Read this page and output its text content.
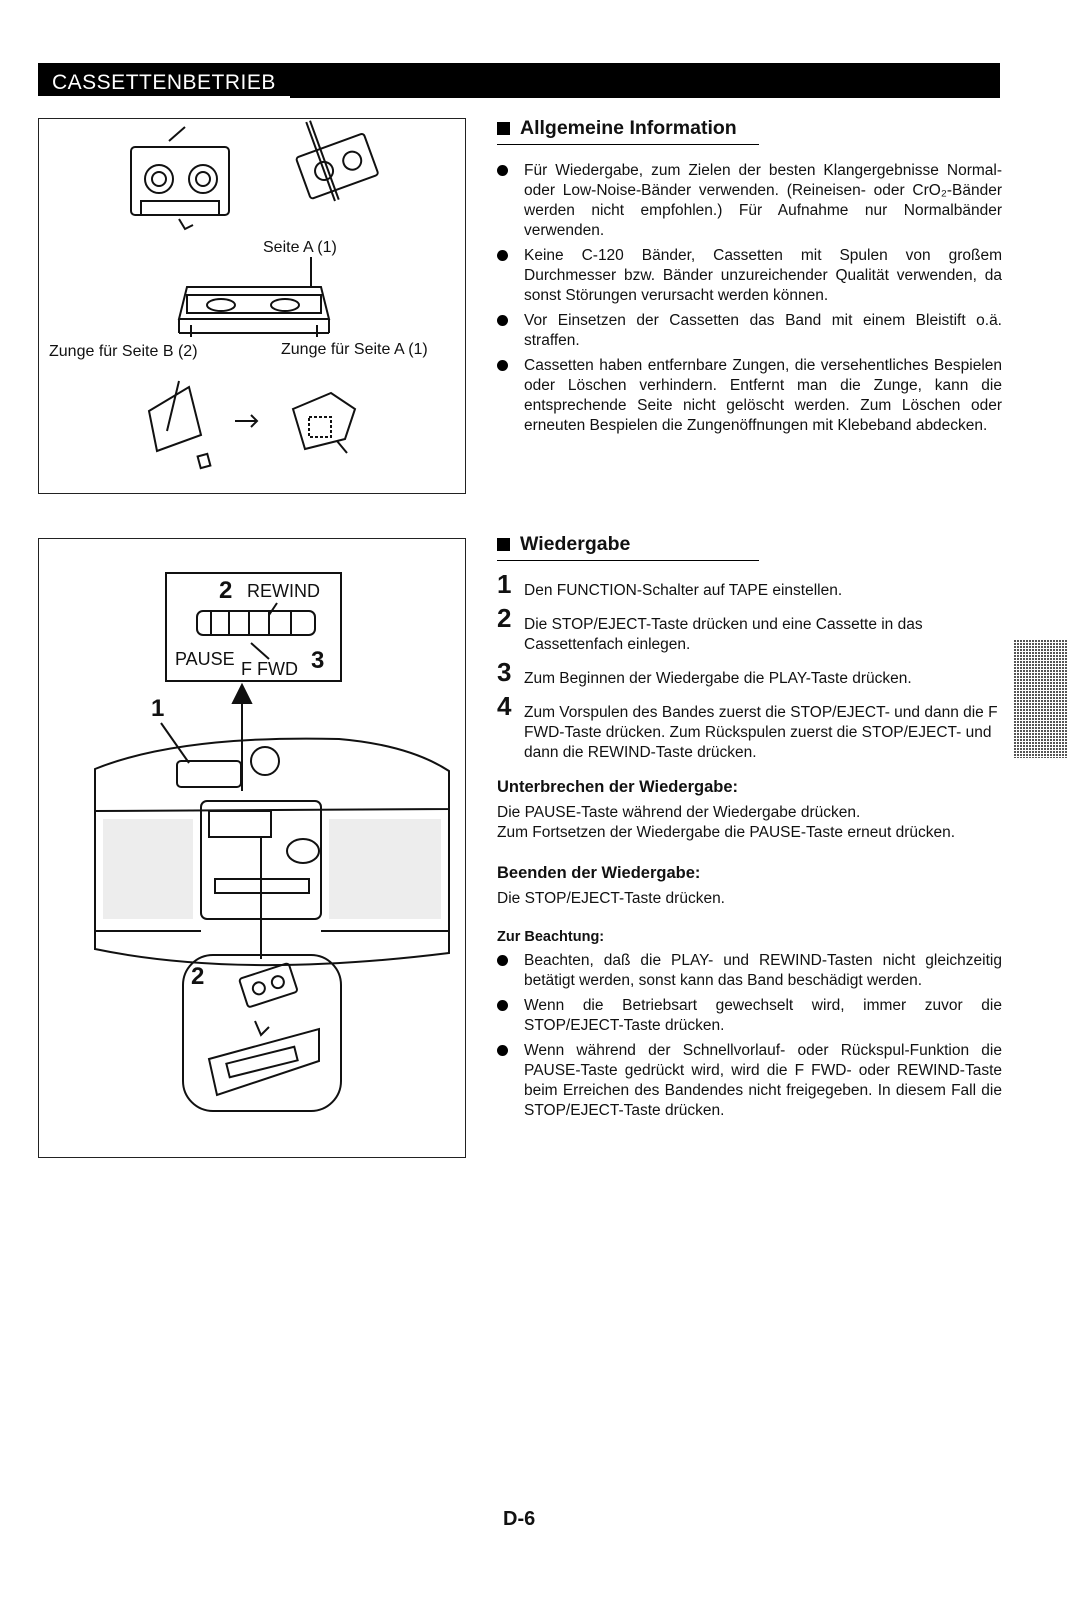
CASSETTENBETRIEB
Seite A (1)
Zunge für Seite B (2)	Zunge für Seite A (1)
2 REWIND
PAUSE F FWD 3
1
2
Allgemeine Information
Für Wiedergabe, zum Zielen der besten Klangergebnisse Normal- oder Low-Noise-Bänder verwenden. (Reineisen- oder CrO₂-Bänder werden nicht empfohlen.) Für Aufnahme nur Normalbänder verwenden.
Keine C-120 Bänder, Cassetten mit Spulen von großem Durchmesser bzw. Bänder unzureichender Qualität verwenden, da sonst Störungen verursacht werden können.
Vor Einsetzen der Cassetten das Band mit einem Bleistift o.ä. straffen.
Cassetten haben entfernbare Zungen, die versehentliches Bespielen oder Löschen verhindern. Entfernt man die Zunge, kann die entsprechende Seite nicht gelöscht werden. Zum Löschen oder erneuten Bespielen die Zungenöffnungen mit Klebeband abdecken.
Wiedergabe
1 Den FUNCTION-Schalter auf TAPE einstellen.
2 Die STOP/EJECT-Taste drücken und eine Cassette in das Cassettenfach einlegen.
3 Zum Beginnen der Wiedergabe die PLAY-Taste drücken.
4 Zum Vorspulen des Bandes zuerst die STOP/EJECT- und dann die F FWD-Taste drücken. Zum Rückspulen zuerst die STOP/EJECT- und dann die REWIND-Taste drücken.
Unterbrechen der Wiedergabe:
Die PAUSE-Taste während der Wiedergabe drücken.
Zum Fortsetzen der Wiedergabe die PAUSE-Taste erneut drücken.
Beenden der Wiedergabe:
Die STOP/EJECT-Taste drücken.
Zur Beachtung:
Beachten, daß die PLAY- und REWIND-Tasten nicht gleichzeitig betätigt werden, sonst kann das Band beschädigt werden.
Wenn die Betriebsart gewechselt wird, immer zuvor die STOP/EJECT-Taste drücken.
Wenn während der Schnellvorlauf- oder Rückspul-Funktion die PAUSE-Taste gedrückt wird, wird die F FWD- oder REWIND-Taste beim Erreichen des Bandendes nicht freigegeben. In diesem Fall die STOP/EJECT-Taste drücken.
D-6
